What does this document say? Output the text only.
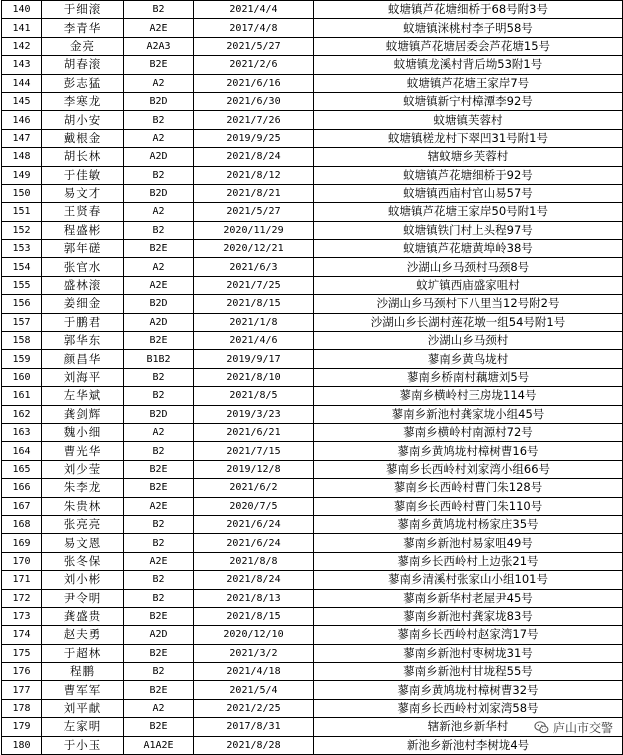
140	于细滚	B2	2021/4/4	蚊塘镇芦花塘细桥于68号附3号
141	李青华	A2E	2017/4/8	蚊塘镇洣桃村李子明58号
142	金亮	A2A3	2021/5/27	蚊塘镇芦花塘居委会芦花塘15号
143	胡春滚	B2E	2021/2/6	蚊塘镇龙溪村背后坳53附1号
144	彭志猛	A2	2021/6/16	蚊塘镇芦花塘王家岸7号
145	李寒龙	B2D	2021/6/30	蚊塘镇新宁村樟潭李92号
146	胡小安	B2	2021/7/26	蚊塘镇芙蓉村
147	戴根金	A2	2019/9/25	蚊塘镇槎龙村下翠凹31号附1号
148	胡长林	A2D	2021/8/24	辖蚊塘乡芙蓉村
149	于佳敏	B2	2021/8/12	蚊塘镇芦花塘细桥于92号
150	易文才	B2D	2021/8/21	蚊塘镇西庙村官山易57号
151	王贤春	A2	2021/5/27	蚊塘镇芦花塘王家岸50号附1号
152	程盛彬	B2	2020/11/29	蚊塘镇铁门村上头程97号
153	郭年磋	B2E	2020/12/21	蚊塘镇芦花塘黄埠岭38号
154	张官水	A2	2021/6/3	沙湖山乡马颈村马颈8号
155	盛林滚	A2E	2021/7/25	蚊圹镇西庙盛家咀村
156	姜细金	B2D	2021/8/15	沙湖山乡马颈村下八里当12号附2号
157	于鹏君	A2D	2021/1/8	沙湖山乡长湖村莲花墩一组54号附1号
158	郭华东	B2E	2021/4/6	沙湖山乡马颈村
159	颜昌华	B1B2	2019/9/17	蓼南乡黄鸟垅村
160	刘海平	B2	2021/8/10	蓼南乡桥南村藕塘刘5号
161	左华斌	B2	2021/8/5	蓼南乡横岭村三房垅114号
162	龚剑辉	B2D	2019/3/23	蓼南乡新池村龚家垅小组45号
163	魏小细	A2	2021/6/21	蓼南乡横岭村南源村72号
164	曹光华	B2	2021/7/15	蓼南乡黄鸠垅村樟树曹16号
165	刘少莹	B2E	2019/12/8	蓼南乡长西岭村刘家湾小组66号
166	朱李龙	B2E	2021/6/2	蓼南乡长西岭村曹门朱128号
167	朱贵林	A2E	2020/7/5	蓼南乡长西岭村曹门朱110号
168	张亮亮	B2	2021/6/24	蓼南乡黄鸠垅村杨家庄35号
169	易文恩	B2	2021/6/24	蓼南乡新池村易家咀49号
170	张冬保	A2E	2021/8/8	蓼南乡长西岭村上边张21号
171	刘小彬	B2	2021/8/24	蓼南乡清溪村张家山小组101号
172	尹令明	B2	2021/8/13	蓼南乡新华村老屋尹45号
173	龚盛贵	B2E	2021/8/15	蓼南乡新池村龚家垅83号
174	赵夫勇	A2D	2020/12/10	蓼南乡长西岭村赵家湾17号
175	于超林	B2E	2021/3/2	蓼南乡新池村枣树垅31号
176	程鹏	B2	2021/4/18	蓼南乡新池村甘垅程55号
177	曹军军	B2E	2021/5/4	蓼南乡黄鸠垅村樟树曹32号
178	刘平献	A2	2021/2/25	蓼南乡长西岭村刘家湾58号
179	左家明	B2E	2017/8/31	辖新池乡新华村
180	于小玉	A1A2E	2021/8/28	新池乡新池村李树垅4号
庐山市交警
